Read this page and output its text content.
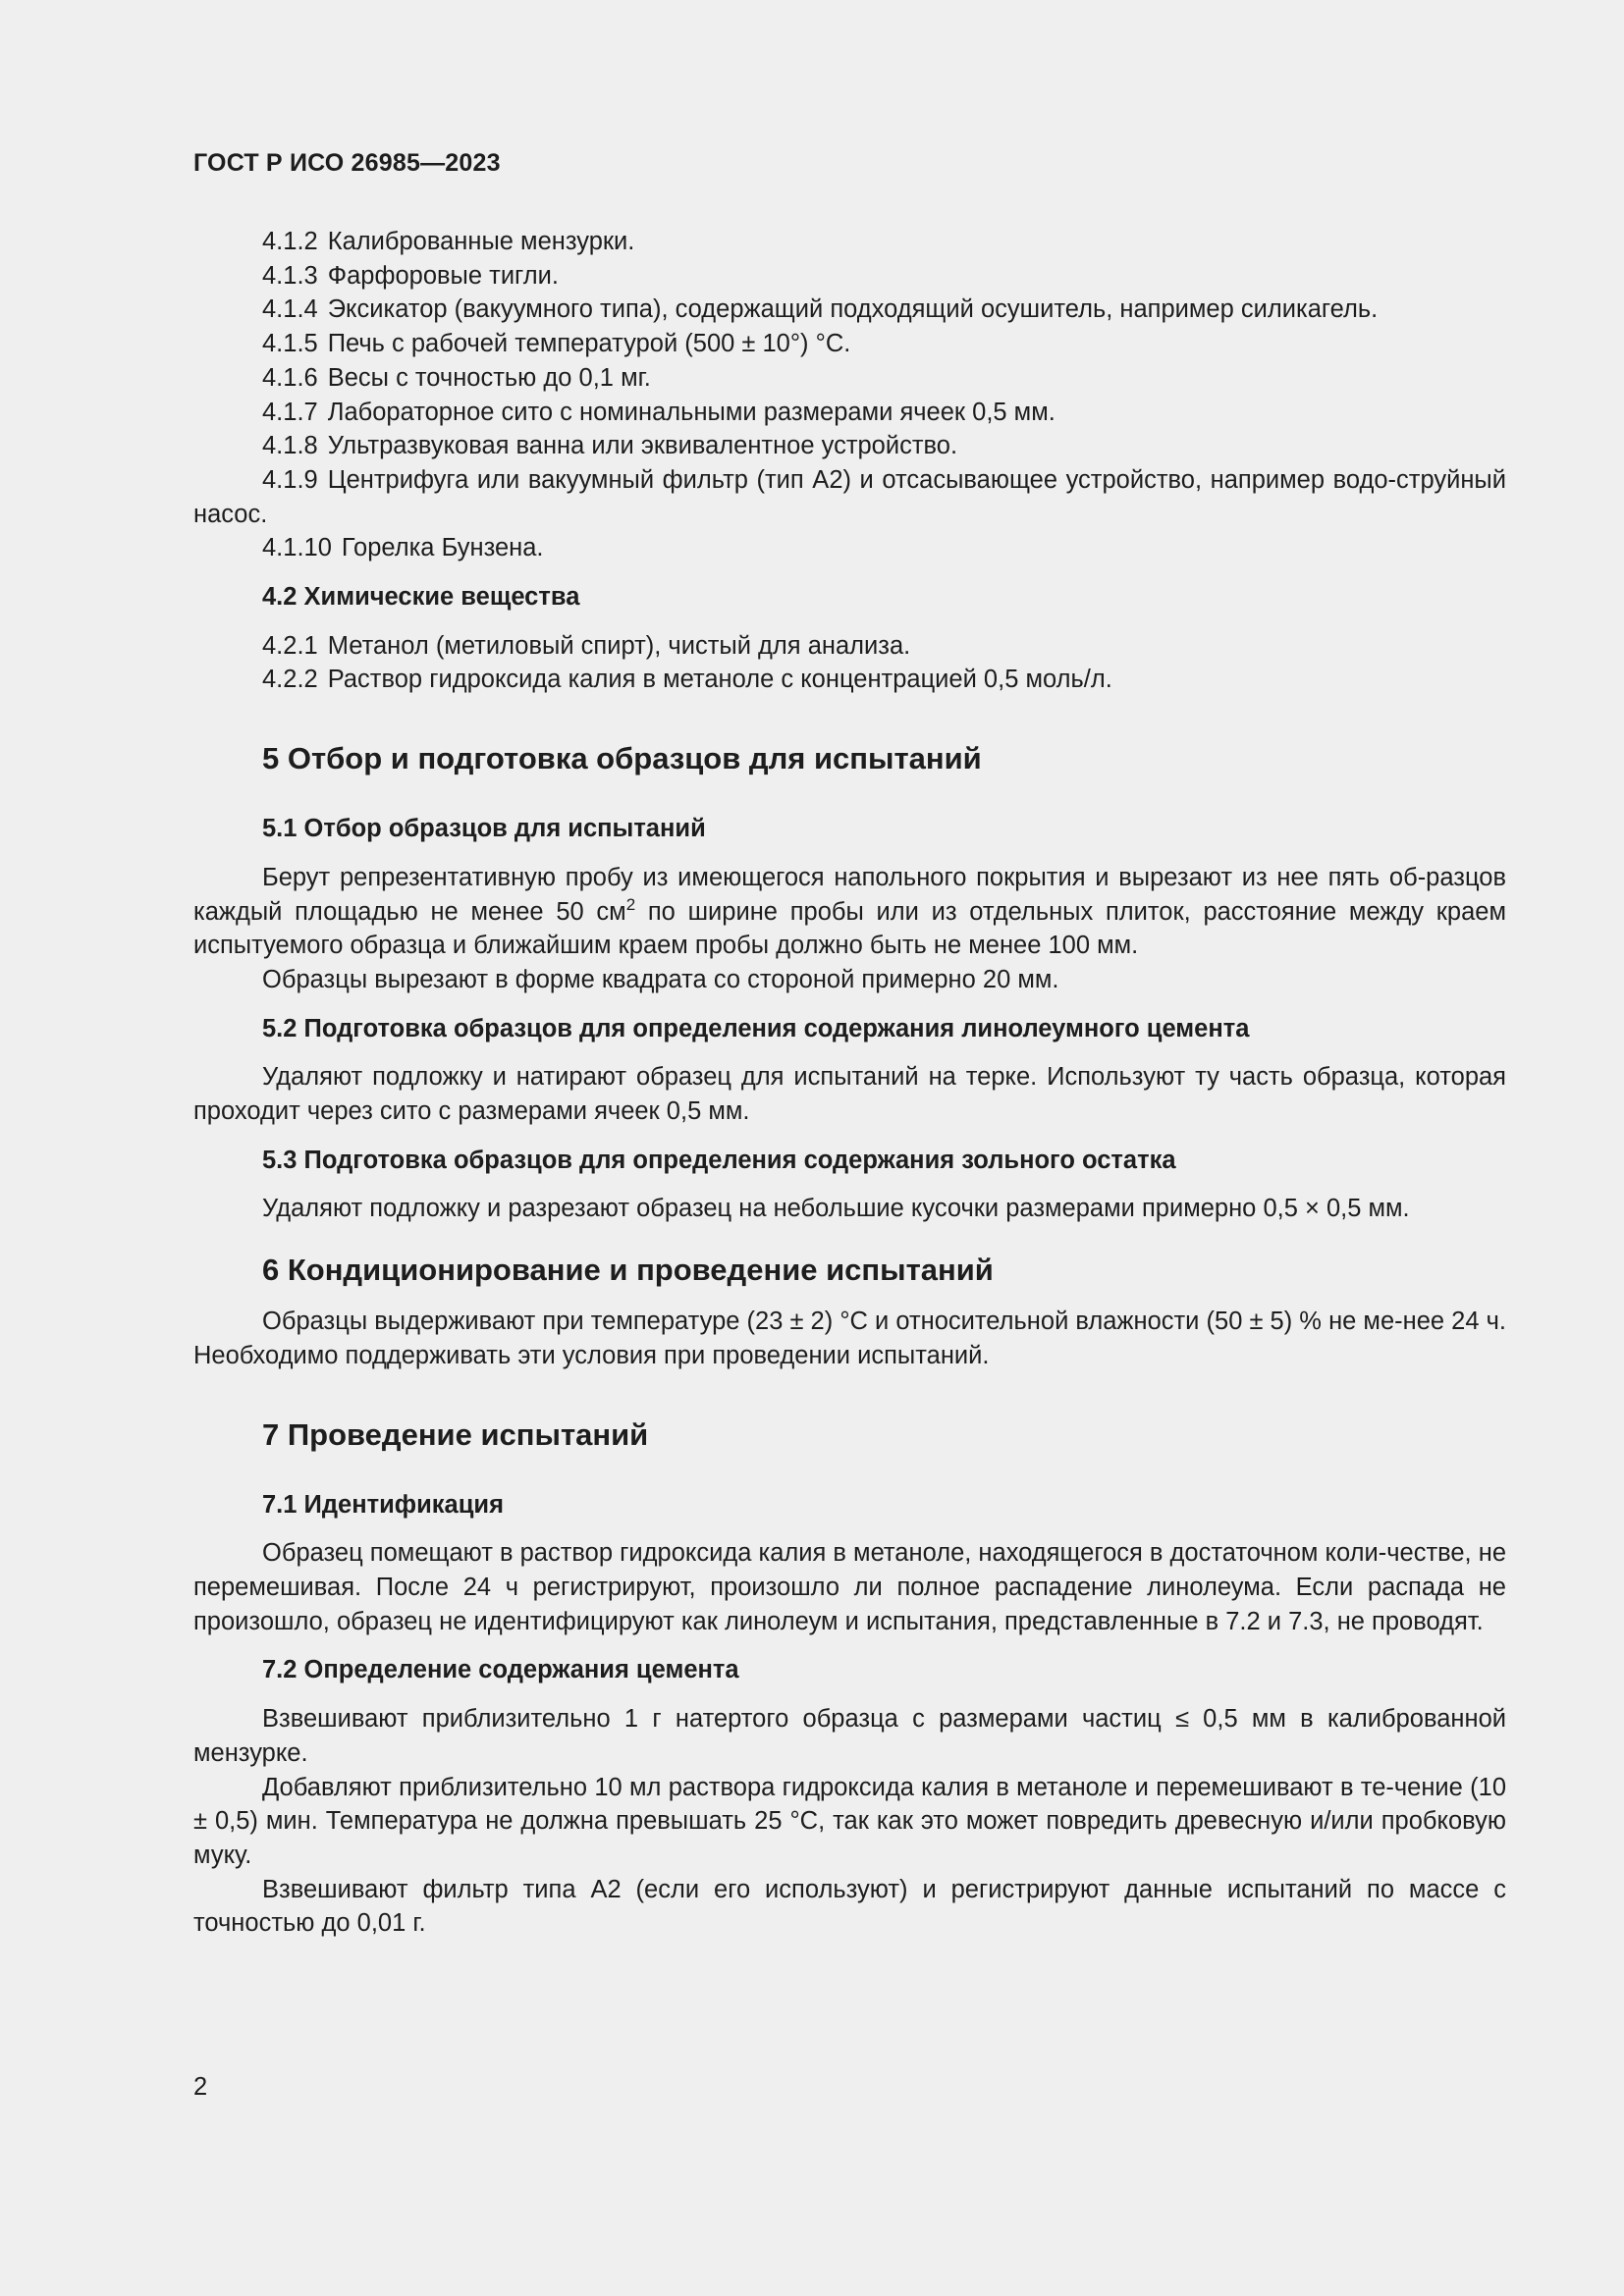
ГОСТ Р ИСО 26985—2023

4.1.2 Калиброванные мензурки.

4.1.3 Фарфоровые тигли.

4.1.4 Эксикатор (вакуумного типа), содержащий подходящий осушитель, например силикагель.

4.1.5 Печь с рабочей температурой (500 ± 10°) °С.

4.1.6 Весы с точностью до 0,1 мг.

4.1.7 Лабораторное сито с номинальными размерами ячеек 0,5 мм.

4.1.8 Ультразвуковая ванна или эквивалентное устройство.

4.1.9 Центрифуга или вакуумный фильтр (тип А2) и отсасывающее устройство, например водо-струйный насос.

4.1.10 Горелка Бунзена.

4.2 Химические вещества

4.2.1 Метанол (метиловый спирт), чистый для анализа.

4.2.2 Раствор гидроксида калия в метаноле с концентрацией 0,5 моль/л.

5 Отбор и подготовка образцов для испытаний

5.1 Отбор образцов для испытаний

Берут репрезентативную пробу из имеющегося напольного покрытия и вырезают из нее пять об-разцов каждый площадью не менее 50 $см^2$ по ширине пробы или из отдельных плиток, расстояние между краем испытуемого образца и ближайшим краем пробы должно быть не менее 100 мм.

Образцы вырезают в форме квадрата со стороной примерно 20 мм.

5.2 Подготовка образцов для определения содержания линолеумного цемента

Удаляют подложку и натирают образец для испытаний на терке. Используют ту часть образца, которая проходит через сито с размерами ячеек 0,5 мм.

5.3 Подготовка образцов для определения содержания зольного остатка

Удаляют подложку и разрезают образец на небольшие кусочки размерами примерно 0,5 × 0,5 мм.

6 Кондиционирование и проведение испытаний

Образцы выдерживают при температуре (23 ± 2) °С и относительной влажности (50 ± 5) % не ме-нее 24 ч. Необходимо поддерживать эти условия при проведении испытаний.

7 Проведение испытаний

7.1 Идентификация

Образец помещают в раствор гидроксида калия в метаноле, находящегося в достаточном коли-честве, не перемешивая. После 24 ч регистрируют, произошло ли полное распадение линолеума. Если распада не произошло, образец не идентифицируют как линолеум и испытания, представленные в 7.2 и 7.3, не проводят.

7.2 Определение содержания цемента

Взвешивают приблизительно 1 г натертого образца с размерами частиц ≤ 0,5 мм в калиброванной мензурке.

Добавляют приблизительно 10 мл раствора гидроксида калия в метаноле и перемешивают в те-чение (10 ± 0,5) мин. Температура не должна превышать 25 °С, так как это может повредить древесную и/или пробковую муку.

Взвешивают фильтр типа А2 (если его используют) и регистрируют данные испытаний по массе с точностью до 0,01 г.

2
